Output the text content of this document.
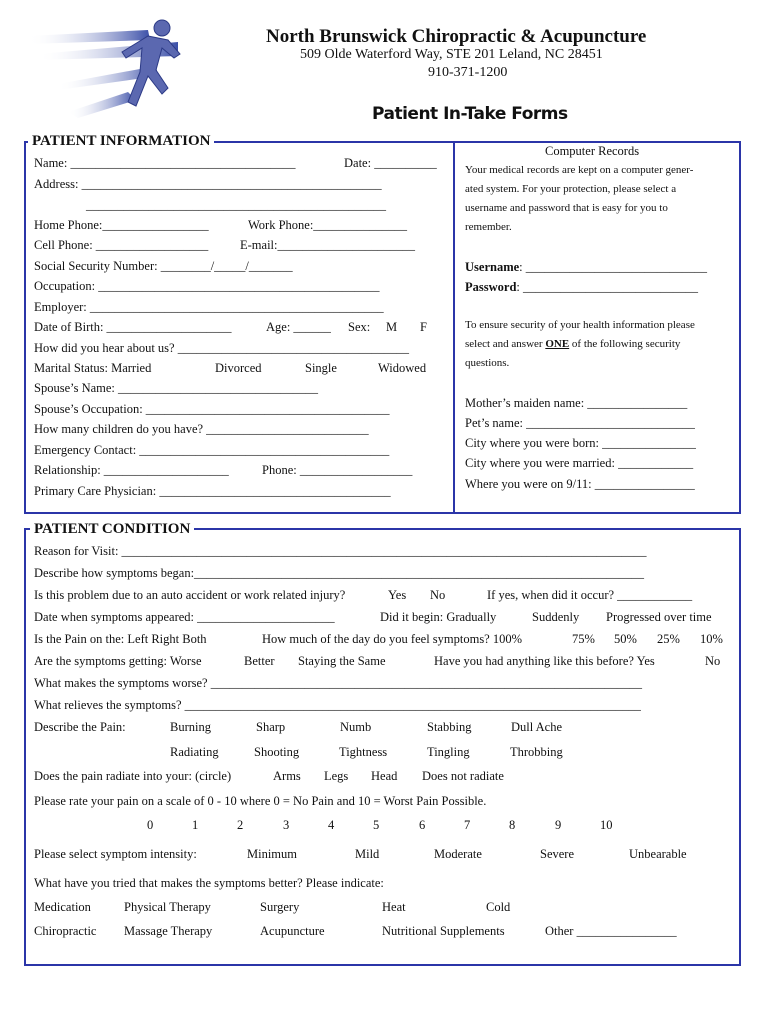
North Brunswick Chiropractic & Acupuncture
509 Olde Waterford Way, STE 201 Leland, NC 28451
910-371-1200
Patient In-Take Forms
PATIENT INFORMATION
Name: ____________________________________	Date: __________
Address: ________________________________________________
________________________________________________
Home Phone:_________________	Work Phone:_______________
Cell Phone: __________________	E-mail:______________________
Social Security Number: ________/_____/_______
Occupation: _____________________________________________
Employer: _______________________________________________
Date of Birth: ____________________	Age: ______ Sex: M F
How did you hear about us? _____________________________________
Marital Status: Married	Divorced	Single	Widowed
Spouse’s Name: ________________________________
Spouse’s Occupation: _______________________________________
How many children do you have? __________________________
Emergency Contact: ________________________________________
Relationship: ____________________	Phone: __________________
Primary Care Physician: _____________________________________
Computer Records
Your medical records are kept on a computer gener-
ated system. For your protection, please select a
username and password that is easy for you to
remember.
Username: _____________________________
Password: ____________________________
To ensure security of your health information please
select and answer ONE of the following security
questions.
Mother’s maiden name: ________________
Pet’s name: ___________________________
City where you were born: _______________
City where you were married: ____________
Where you were on 9/11: ________________
PATIENT CONDITION
Reason for Visit: ____________________________________________________________________________________
Describe how symptoms began:________________________________________________________________________
Is this problem due to an auto accident or work related injury?	Yes No	If yes, when did it occur? ____________
Date when symptoms appeared: ______________________	Did it begin: Gradually	Suddenly Progressed over time
Is the Pain on the: Left Right Both	How much of the day do you feel symptoms? 100%	75% 50% 25% 10%
Are the symptoms getting: Worse	Better Staying the Same	Have you had anything like this before? Yes	No
What makes the symptoms worse? _____________________________________________________________________
What relieves the symptoms? _________________________________________________________________________
Describe the Pain:	Burning	Sharp	Numb	Stabbing	Dull Ache
Radiating	Shooting	Tightness	Tingling	Throbbing
Does the pain radiate into your: (circle)	Arms Legs Head Does not radiate
Please rate your pain on a scale of 0 - 10 where 0 = No Pain and 10 = Worst Pain Possible.
0	1	2	3	4	5	6	7	8	9	10
Please select symptom intensity:	Minimum	Mild	Moderate	Severe	Unbearable
What have you tried that makes the symptoms better? Please indicate:
Medication	Physical Therapy	Surgery	Heat	Cold
Chiropractic Massage Therapy	Acupuncture	Nutritional Supplements	Other ________________
